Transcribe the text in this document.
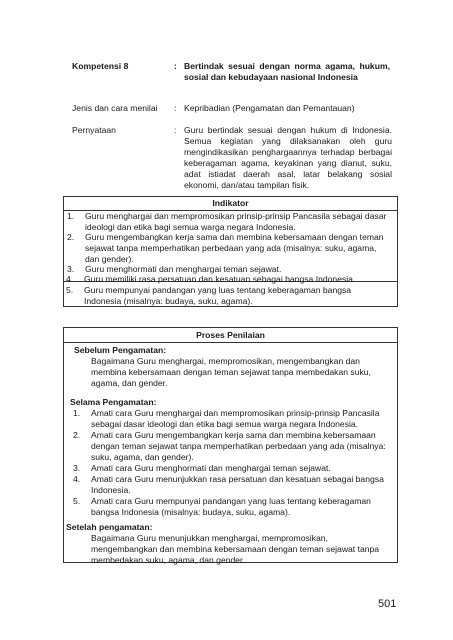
Kompetensi 8	: Bertindak sesuai dengan norma agama, hukum, sosial dan kebudayaan nasional Indonesia
Jenis dan cara menilai : Kepribadian (Pengamatan dan Pemantauan)
Pernyataan	: Guru bertindak sesuai dengan hukum di Indonesia. Semua kegiatan yang dilaksanakan oleh guru mengindikasikan penghargaannya terhadap berbagai keberagaman agama, keyakinan yang dianut, suku, adat istiadat daerah asal, latar belakang sosial ekonomi, dan/atau tampilan fisik.
Indikator
1.	Guru menghargai dan mempromosikan prinsip-prinsip Pancasila sebagai dasar ideologi dan etika bagi semua warga negara Indonesia.
2.	Guru mengembangkan kerja sama dan membina kebersamaan dengan teman sejawat tanpa memperhatikan perbedaan yang ada (misalnya: suku, agama, dan gender).
3.	Guru menghormati dan menghargai teman sejawat.
4.	Guru memiliki rasa persatuan dan kesatuan sebagai bangsa Indonesia.
5.	Guru mempunyai pandangan yang luas tentang keberagaman bangsa Indonesia (misalnya: budaya, suku, agama).
Proses Penilaian
Sebelum Pengamatan:
Bagaimana Guru menghargai, mempromosikan, mengembangkan dan membina kebersamaan dengan teman sejawat tanpa membedakan suku, agama, dan gender.
Selama Pengamatan:
1.	Amati cara Guru menghargai dan mempromosikan prinsip-prinsip Pancasila sebagai dasar ideologi dan etika bagi semua warga negara Indonesia.
2.	Amati cara Guru mengembangkan kerja sama dan membina kebersamaan dengan teman sejawat tanpa memperhatikan perbedaan yang ada (misalnya: suku, agama, dan gender).
3.	Amati cara Guru menghormati dan menghargai teman sejawat.
4.	Amati cara Guru menunjukkan rasa persatuan dan kesatuan sebagai bangsa Indonesia.
5.	Amati cara Guru mempunyai pandangan yang luas tentang keberagaman bangsa Indonesia (misalnya: budaya, suku, agama).
Setelah pengamatan:
Bagaimana Guru menunjukkan menghargai, mempromosikan, mengembangkan dan membina kebersamaan dengan teman sejawat tanpa membedakan suku, agama, dan gender.
501
